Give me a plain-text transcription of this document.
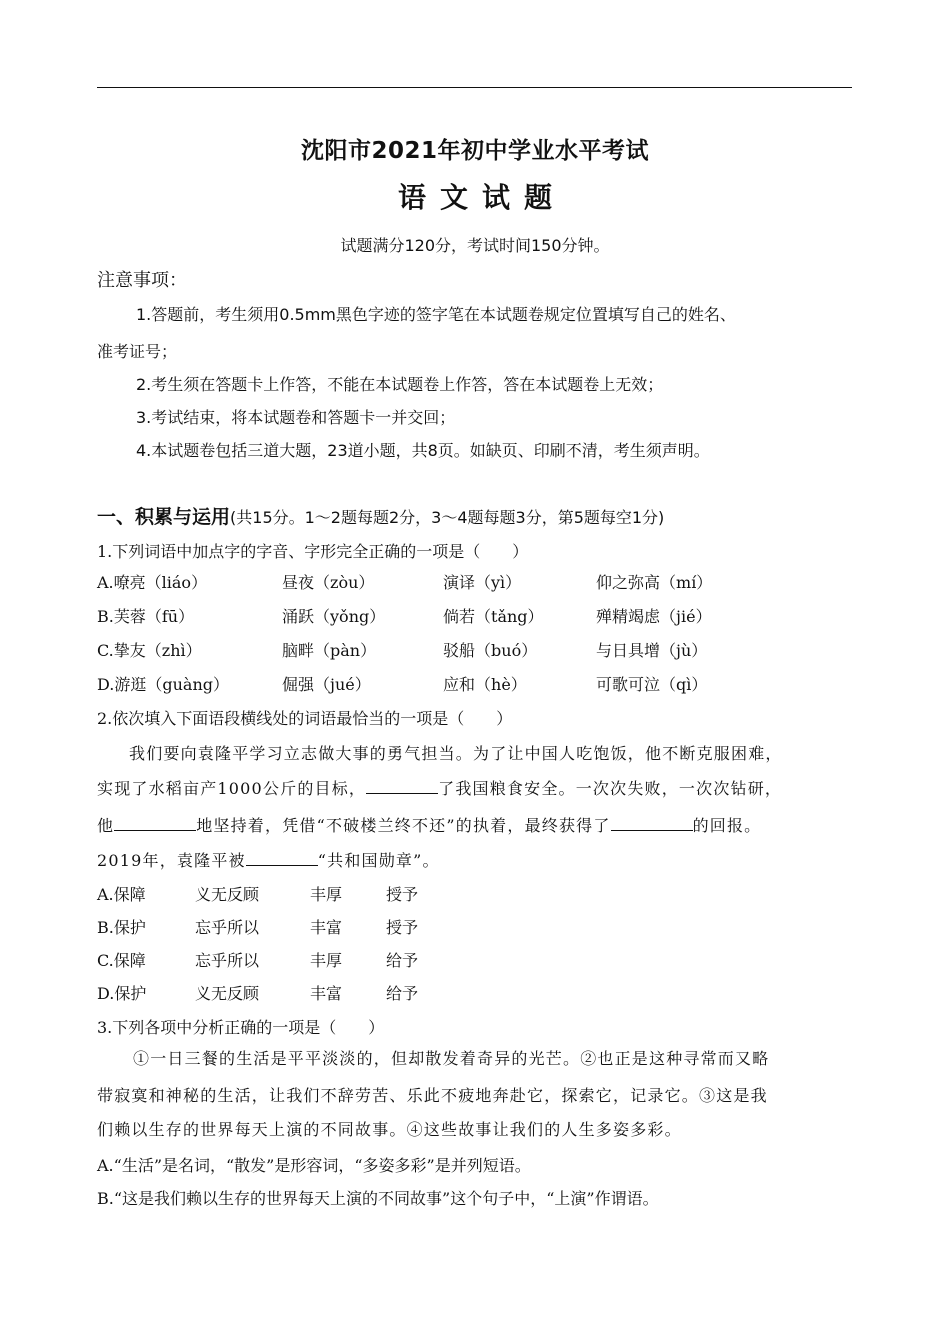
沈阳市2021年初中学业水平考试
语文试题
试题满分120分，考试时间150分钟。
注意事项：
1.答题前，考生须用0.5mm黑色字迹的签字笔在本试题卷规定位置填写自己的姓名、
准考证号；
2.考生须在答题卡上作答，不能在本试题卷上作答，答在本试题卷上无效；
3.考试结束，将本试题卷和答题卡一并交回；
4.本试题卷包括三道大题，23道小题，共8页。如缺页、印刷不清，考生须声明。
一、积累与运用(共15分。1～2题每题2分，3～4题每题3分，第5题每空1分)
1.下列词语中加点字的字音、字形完全正确的一项是（　　）
A.嘹亮（liáo）	昼夜（zòu）	演译（yì）	仰之弥高（mí）
B.芙蓉（fū）	涌跃（yǒng）	倘若（tǎng）	殚精竭虑（jié）
C.挚友（zhì）	脑畔（pàn）	驳船（buó）	与日具增（jù）
D.游逛（guàng）	倔强（jué）	应和（hè）	可歌可泣（qì）
2.依次填入下面语段横线处的词语最恰当的一项是（　　）
我们要向袁隆平学习立志做大事的勇气担当。为了让中国人吃饱饭，他不断克服困难，
实现了水稻亩产1000公斤的目标，	了我国粮食安全。一次次失败，一次次钻研，
他	地坚持着，凭借“不破楼兰终不还”的执着，最终获得了	的回报。
2019年，袁隆平被	“共和国勋章”。
A.保障	义无反顾	丰厚	授予
B.保护	忘乎所以	丰富	授予
C.保障	忘乎所以	丰厚	给予
D.保护	义无反顾	丰富	给予
3.下列各项中分析正确的一项是（　　）
①一日三餐的生活是平平淡淡的，但却散发着奇异的光芒。②也正是这种寻常而又略
带寂寞和神秘的生活，让我们不辞劳苦、乐此不疲地奔赴它，探索它，记录它。③这是我
们赖以生存的世界每天上演的不同故事。④这些故事让我们的人生多姿多彩。
A.“生活”是名词，“散发”是形容词，“多姿多彩”是并列短语。
B.“这是我们赖以生存的世界每天上演的不同故事”这个句子中，“上演”作谓语。
